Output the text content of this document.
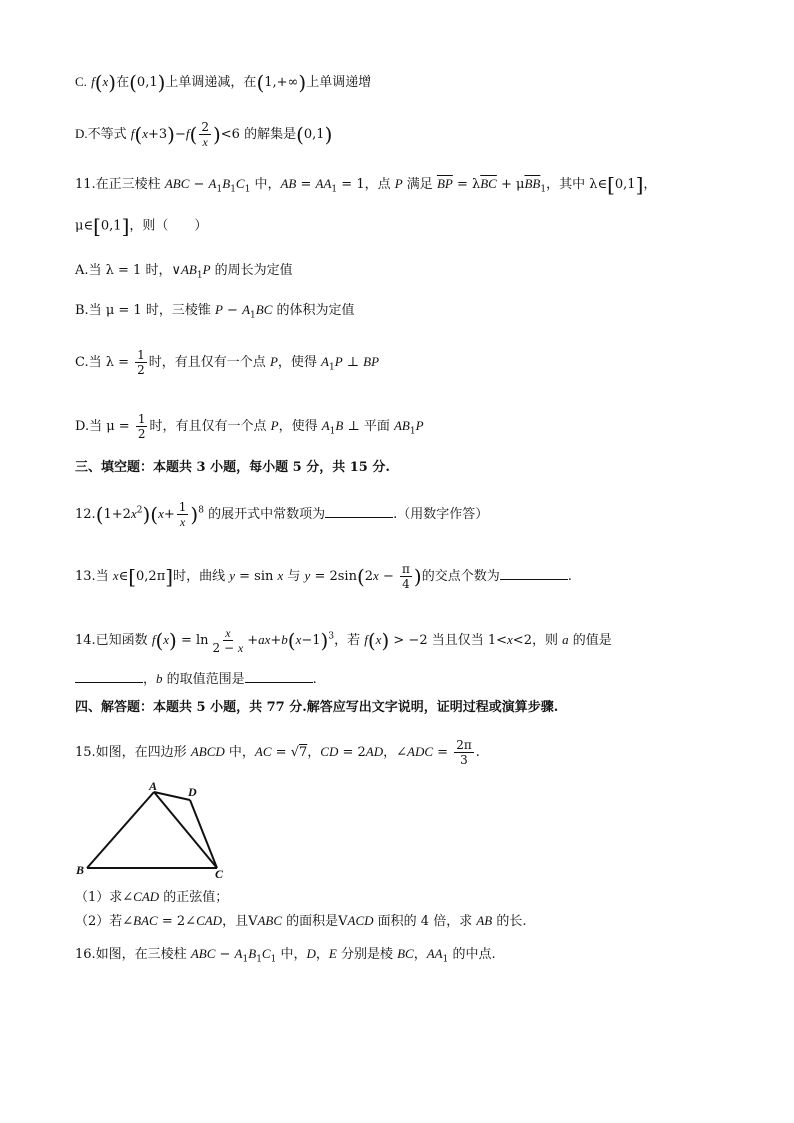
C. f(x)在(0,1)上单调递减，在(1,+∞)上单调递增
D.不等式 $f(x+3)-f( \frac{2}{x} )<6$ 的解集是(0,1)
11.在正三棱柱 ABC − $A_1B_1C_1$ 中，AB = $AA_1 = 1$，点 P 满足 $\overline{BP} = \lambda\overline{BC} + \mu\overline{BB}_1$，其中 λ∈[0,1]，
μ∈[0,1]，则（　　）
A.当 λ = 1 时，$\vee AB_1P$ 的周长为定值
B.当 μ = 1 时，三棱锥 $P - A_1BC$ 的体积为定值
C.当 $\lambda = \frac{1}{2}$ 时，有且仅有一个点 P，使得 $A_1P$ ⊥ BP
D.当 $\mu = \frac{1}{2}$ 时，有且仅有一个点 P，使得 $A_1B$ ⊥ 平面 $AB_1P$
三、填空题：本题共 3 小题，每小题 5 分，共 15 分.
$12.(1+2x^2)(x+ \frac{1}{x} )^8$ 的展开式中常数项为	.（用数字作答）
13.当 x∈[0,2π]时，曲线 y = sin x 与 $y = 2\sin(2x - \frac{\pi}{4}$ )的交点个数为	.
14.已知函数 $f(x) = \ln \frac{x}{2 - x} +ax+b(x-1)^3$，若 f(x) > −2 当且仅当 1<x<2，则 a 的值是
，b 的取值范围是	.
四、解答题：本题共 5 小题，共 77 分.解答应写出文字说明，证明过程或演算步骤.
15.如图，在四边形 ABCD 中，AC = √7，CD = 2AD，∠ADC = $\frac{2\pi}{3}$ .
A
B	C
D
（1）求∠CAD 的正弦值；
（2）若∠BAC = 2∠CAD，且VABC 的面积是VACD 面积的 4 倍，求 AB 的长.
16.如图，在三棱柱 ABC − $A_1B_1C_1$ 中，D，E 分别是棱 BC，$AA_1$ 的中点.
